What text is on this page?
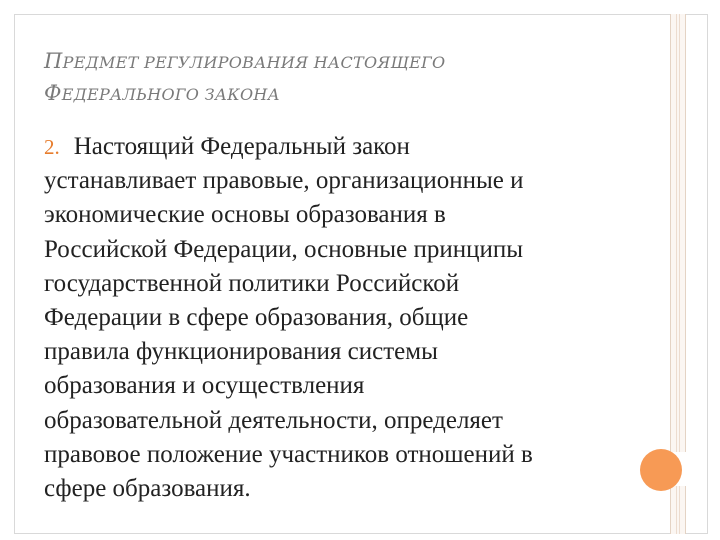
ПРЕДМЕТ РЕГУЛИРОВАНИЯ НАСТОЯЩЕГО
ФЕДЕРАЛЬНОГО ЗАКОНА
2. Настоящий Федеральный закон
устанавливает правовые, организационные и
экономические основы образования в
Российской Федерации, основные принципы
государственной политики Российской
Федерации в сфере образования, общие
правила функционирования системы
образования и осуществления
образовательной деятельности, определяет
правовое положение участников отношений в
сфере образования.
